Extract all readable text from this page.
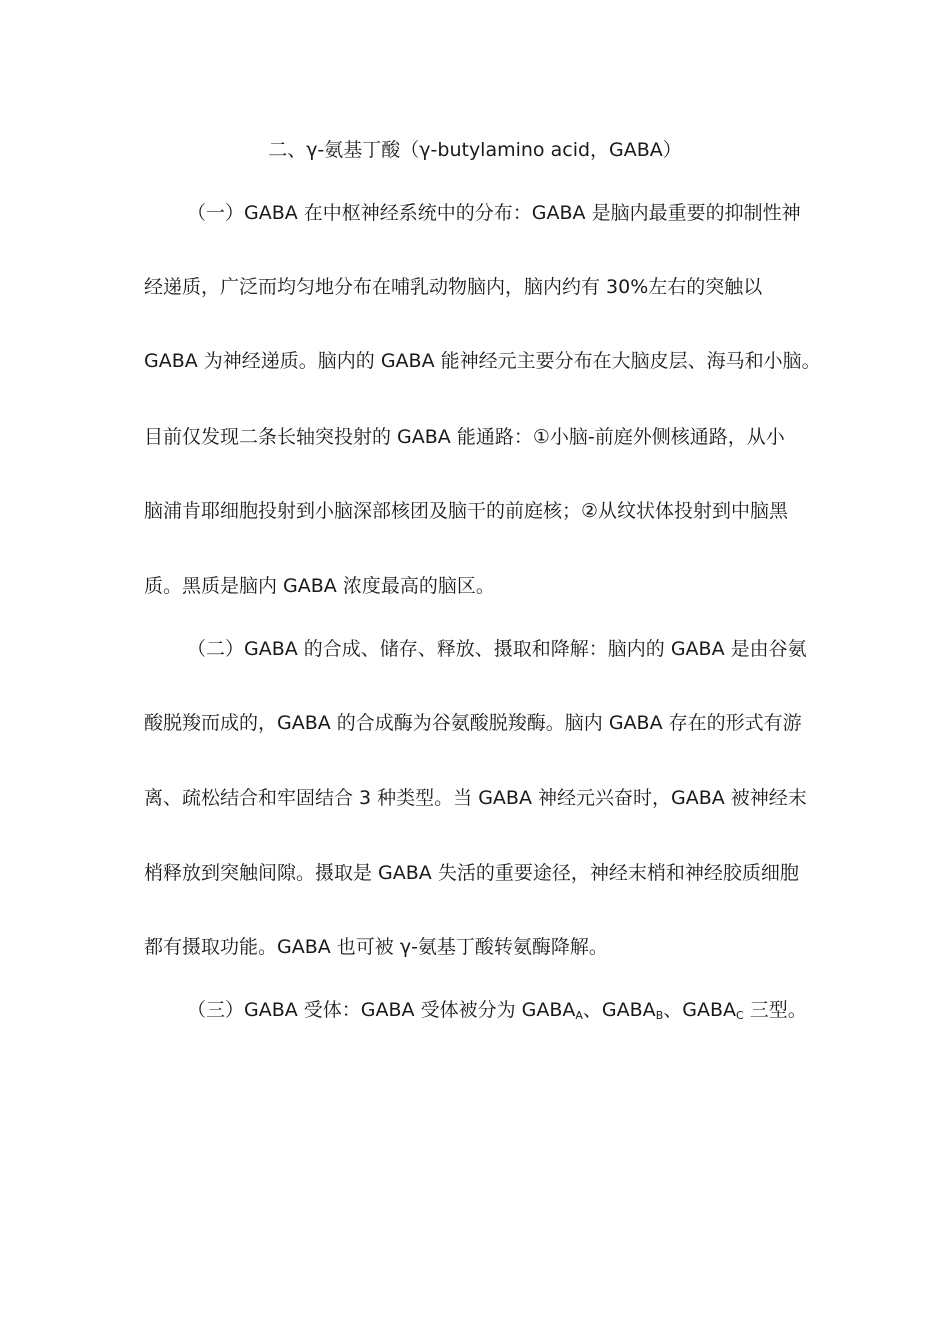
二、γ-氨基丁酸（γ-butylamino acid，GABA）
（一）GABA 在中枢神经系统中的分布：GABA 是脑内最重要的抑制性神
经递质，广泛而均匀地分布在哺乳动物脑内，脑内约有 30%左右的突触以
GABA 为神经递质。脑内的 GABA 能神经元主要分布在大脑皮层、海马和小脑。
目前仅发现二条长轴突投射的 GABA 能通路：①小脑-前庭外侧核通路，从小
脑浦肯耶细胞投射到小脑深部核团及脑干的前庭核；②从纹状体投射到中脑黑
质。黑质是脑内 GABA 浓度最高的脑区。
（二）GABA 的合成、储存、释放、摄取和降解：脑内的 GABA 是由谷氨
酸脱羧而成的，GABA 的合成酶为谷氨酸脱羧酶。脑内 GABA 存在的形式有游
离、疏松结合和牢固结合 3 种类型。当 GABA 神经元兴奋时，GABA 被神经末
梢释放到突触间隙。摄取是 GABA 失活的重要途径，神经末梢和神经胶质细胞
都有摄取功能。GABA 也可被 γ-氨基丁酸转氨酶降解。
（三）GABA 受体：GABA 受体被分为 $GABA_A$、$GABA_B$、$GABA_C$ 三型。
